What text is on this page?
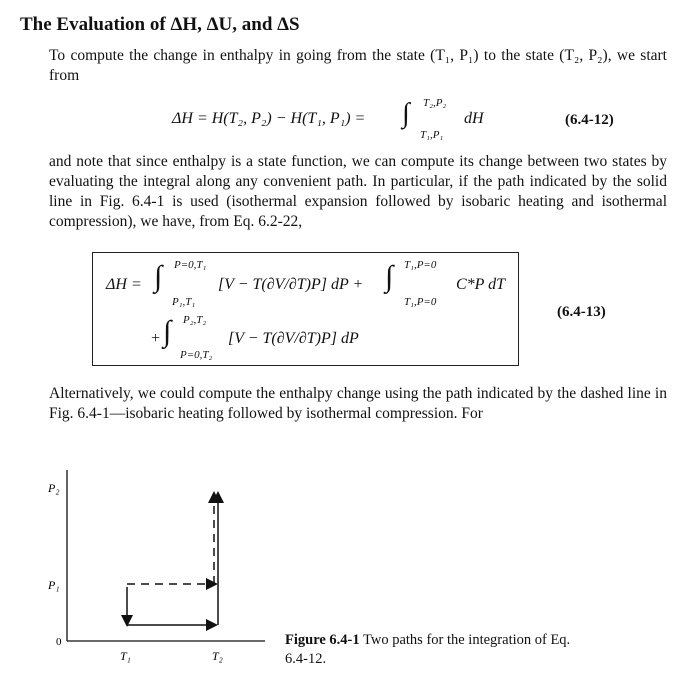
The Evaluation of ΔH, ΔU, and ΔS
To compute the change in enthalpy in going from the state (T₁, P₁) to the state (T₂, P₂), we start from
ΔH = H(T₂, P₂) − H(T₁, P₁) = ∫ T₂,P₂
T₁,P₁
dH	(6.4-12)
and note that since enthalpy is a state function, we can compute its change between two states by evaluating the integral along any convenient path. In particular, if the path indicated by the solid line in Fig. 6.4-1 is used (isothermal expansion followed by isobaric heating and isothermal compression), we have, from Eq. 6.2-22,
ΔH = ∫ P=0,T₁
P₁,T₁
[V − T(∂V/∂T)P] dP + ∫ T₁,P=0
T₁,P=0
C*P dT
+ ∫ P₂,T₂
P=0,T₂
[V − T(∂V/∂T)P] dP
(6.4-13)
Alternatively, we could compute the enthalpy change using the path indicated by the dashed line in Fig. 6.4-1—isobaric heating followed by isothermal compression. For
P₂
P₁
0
T₁	T₂
Figure 6.4-1 Two paths for the integration of Eq. 6.4-12.
